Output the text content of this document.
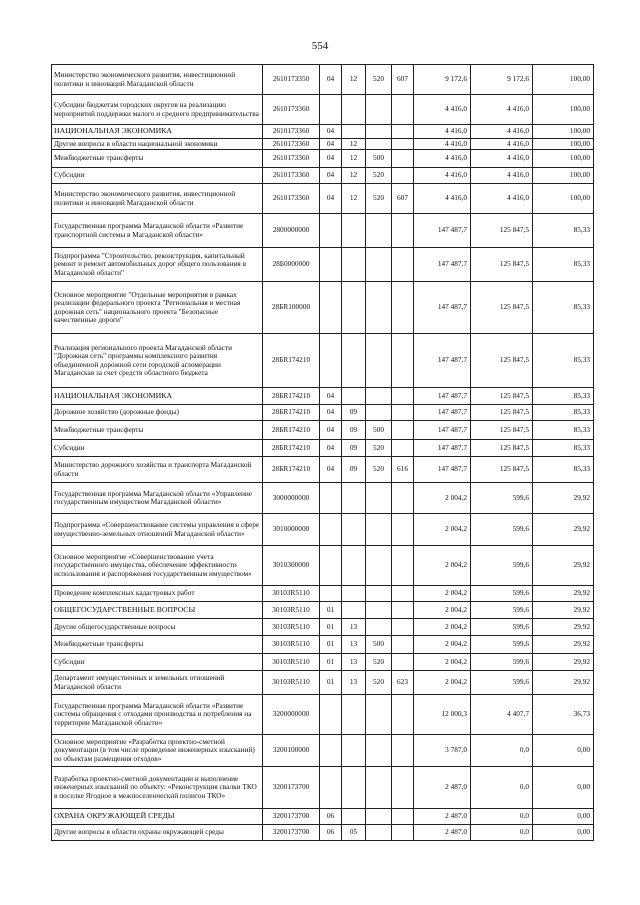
554
Министерство экономического развития, инвестиционной политики и инноваций Магаданской области	2610173350	04	12	520	607	9 172,6	9 172,6	100,00
Субсидии бюджетам городских округов на реализацию мероприятий поддержки малого и среднего предпринимательства	2610173360					4 416,0	4 416,0	100,00
НАЦИОНАЛЬНАЯ ЭКОНОМИКА	2610173360	04				4 416,0	4 416,0	100,00
Другие вопросы в области национальной экономики	2610173360	04	12			4 416,0	4 416,0	100,00
Межбюджетные трансферты	2610173360	04	12	500		4 416,0	4 416,0	100,00
Субсидии	2610173360	04	12	520		4 416,0	4 416,0	100,00
Министерство экономического развития, инвестиционной политики и инноваций Магаданской области	2610173360	04	12	520	607	4 416,0	4 416,0	100,00
Государственная программа Магаданской области «Развитие транспортной системы в Магаданской области»	2800000000					147 487,7	125 847,5	85,33
Подпрограмма "Строительство, реконструкция, капитальный ремонт и ремонт автомобильных дорог общего пользования в Магаданской области"	28Б0000000					147 487,7	125 847,5	85,33
Основное мероприятие "Отдельные мероприятия в рамках реализации федерального проекта "Региональная и местная дорожная сеть" национального проекта "Безопасные качественные дороги"	28БR100000					147 487,7	125 847,5	85,33
Реализация регионального проекта Магаданской области "Дорожная сеть" программы комплексного развития объединенной дорожной сети городской агломерации Магаданская за счет средств областного бюджета	28БR174210					147 487,7	125 847,5	85,33
НАЦИОНАЛЬНАЯ ЭКОНОМИКА	28БR174210	04				147 487,7	125 847,5	85,33
Дорожное хозяйство (дорожные фонды)	28БR174210	04	09			147 487,7	125 847,5	85,33
Межбюджетные трансферты	28БR174210	04	09	500		147 487,7	125 847,5	85,33
Субсидии	28БR174210	04	09	520		147 487,7	125 847,5	85,33
Министерство дорожного хозяйства и транспорта Магаданской области	28БR174210	04	09	520	616	147 487,7	125 847,5	85,33
Государственная программа Магаданской области «Управление государственным имуществом Магаданской области»	3000000000					2 004,2	599,6	29,92
Подпрограмма «Совершенствование системы управления в сфере имущественно-земельных отношений Магаданской области»	3010000000					2 004,2	599,6	29,92
Основное мероприятие «Совершенствование учета государственного имущества, обеспечение эффективности использования и распоряжения государственным имуществом»	3010300000					2 004,2	599,6	29,92
Проведение комплексных кадастровых работ	30103R5110					2 004,2	599,6	29,92
ОБЩЕГОСУДАРСТВЕННЫЕ ВОПРОСЫ	30103R5110	01				2 004,2	599,6	29,92
Другие общегосударственные вопросы	30103R5110	01	13			2 004,2	599,6	29,92
Межбюджетные трансферты	30103R5110	01	13	500		2 004,2	599,6	29,92
Субсидии	30103R5110	01	13	520		2 004,2	599,6	29,92
Департамент имущественных и земельных отношений Магаданской области	30103R5110	01	13	520	623	2 004,2	599,6	29,92
Государственная программа Магаданской области «Развитие системы обращения с отходами производства и потребления на территории Магаданской области»	3200000000					12 000,3	4 407,7	36,73
Основное мероприятие «Разработка проектно-сметной документации (в том числе проведение инженерных изысканий) по объектам размещения отходов»	3200100000					3 787,0	0,0	0,00
Разработка проектно-сметной документации и выполнение инженерных изысканий по объекту: «Реконструкция свалки ТКО в поселке Ягодное в межпоселенческий полигон ТКО»	3200173700					2 487,0	0,0	0,00
ОХРАНА ОКРУЖАЮЩЕЙ СРЕДЫ	3200173700	06				2 487,0	0,0	0,00
Другие вопросы в области охраны окружающей среды	3200173700	06	05			2 487,0	0,0	0,00
